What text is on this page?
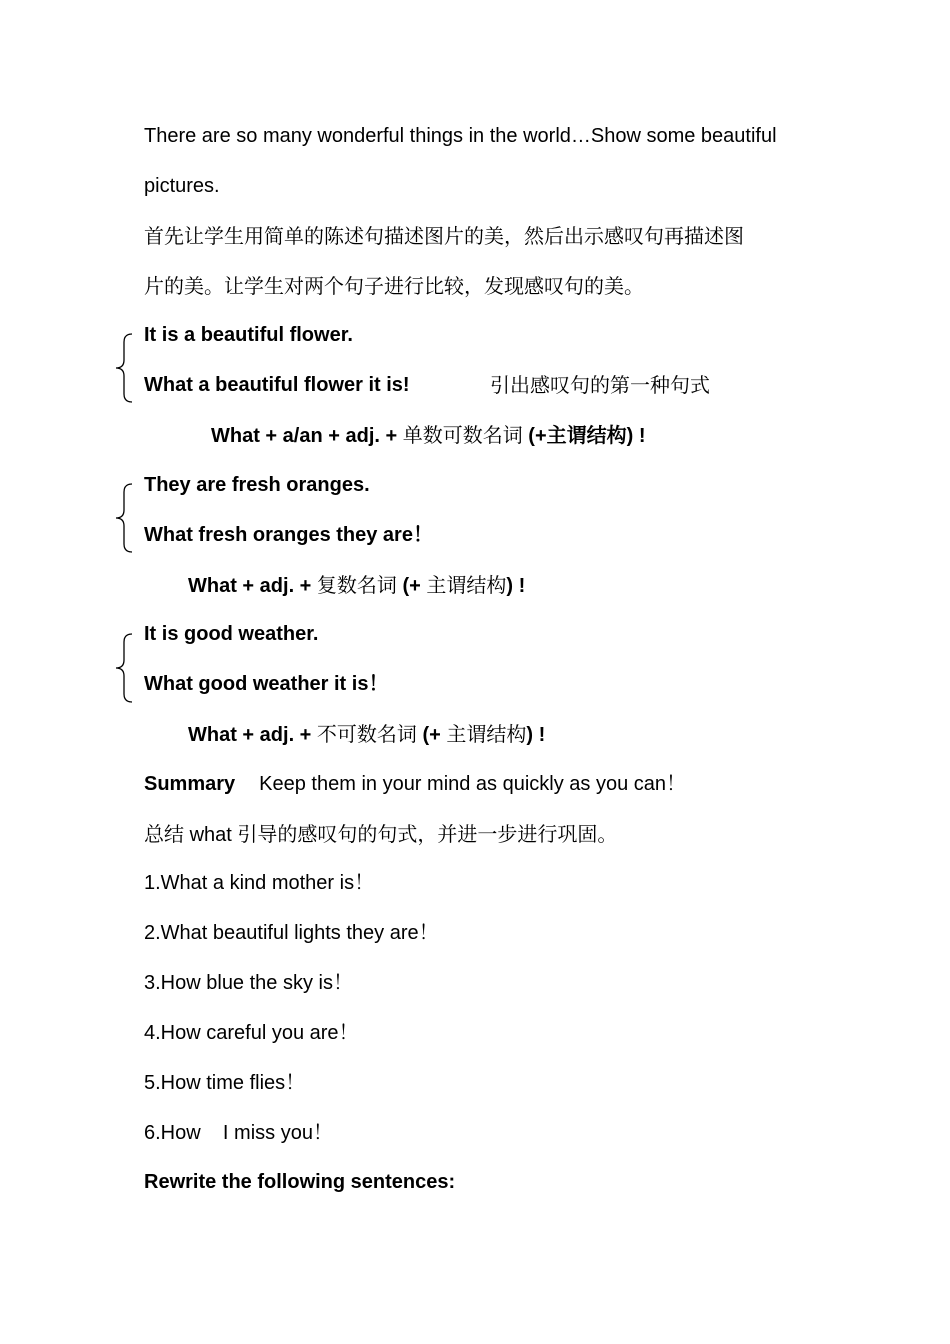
There are so many wonderful things in the world…Show some beautiful
pictures.
首先让学生用简单的陈述句描述图片的美，然后出示感叹句再描述图
片的美。让学生对两个句子进行比较，发现感叹句的美。
It is a beautiful flower.
What a beautiful flower it is!	引出感叹句的第一种句式
What + a/an + adj. + 单数可数名词 (+主谓结构) !
They are fresh oranges.
What fresh oranges they are！
What + adj. + 复数名词 (+ 主谓结构) !
It is good weather.
What good weather it is！
What + adj. + 不可数名词 (+ 主谓结构) !
Summary Keep them in your mind as quickly as you can！
总结 what 引导的感叹句的句式，并进一步进行巩固。
1.What a kind mother is！
2.What beautiful lights they are！
3.How blue the sky is！
4.How careful you are！
5.How time flies！
6.How    I miss you！
Rewrite the following sentences:
